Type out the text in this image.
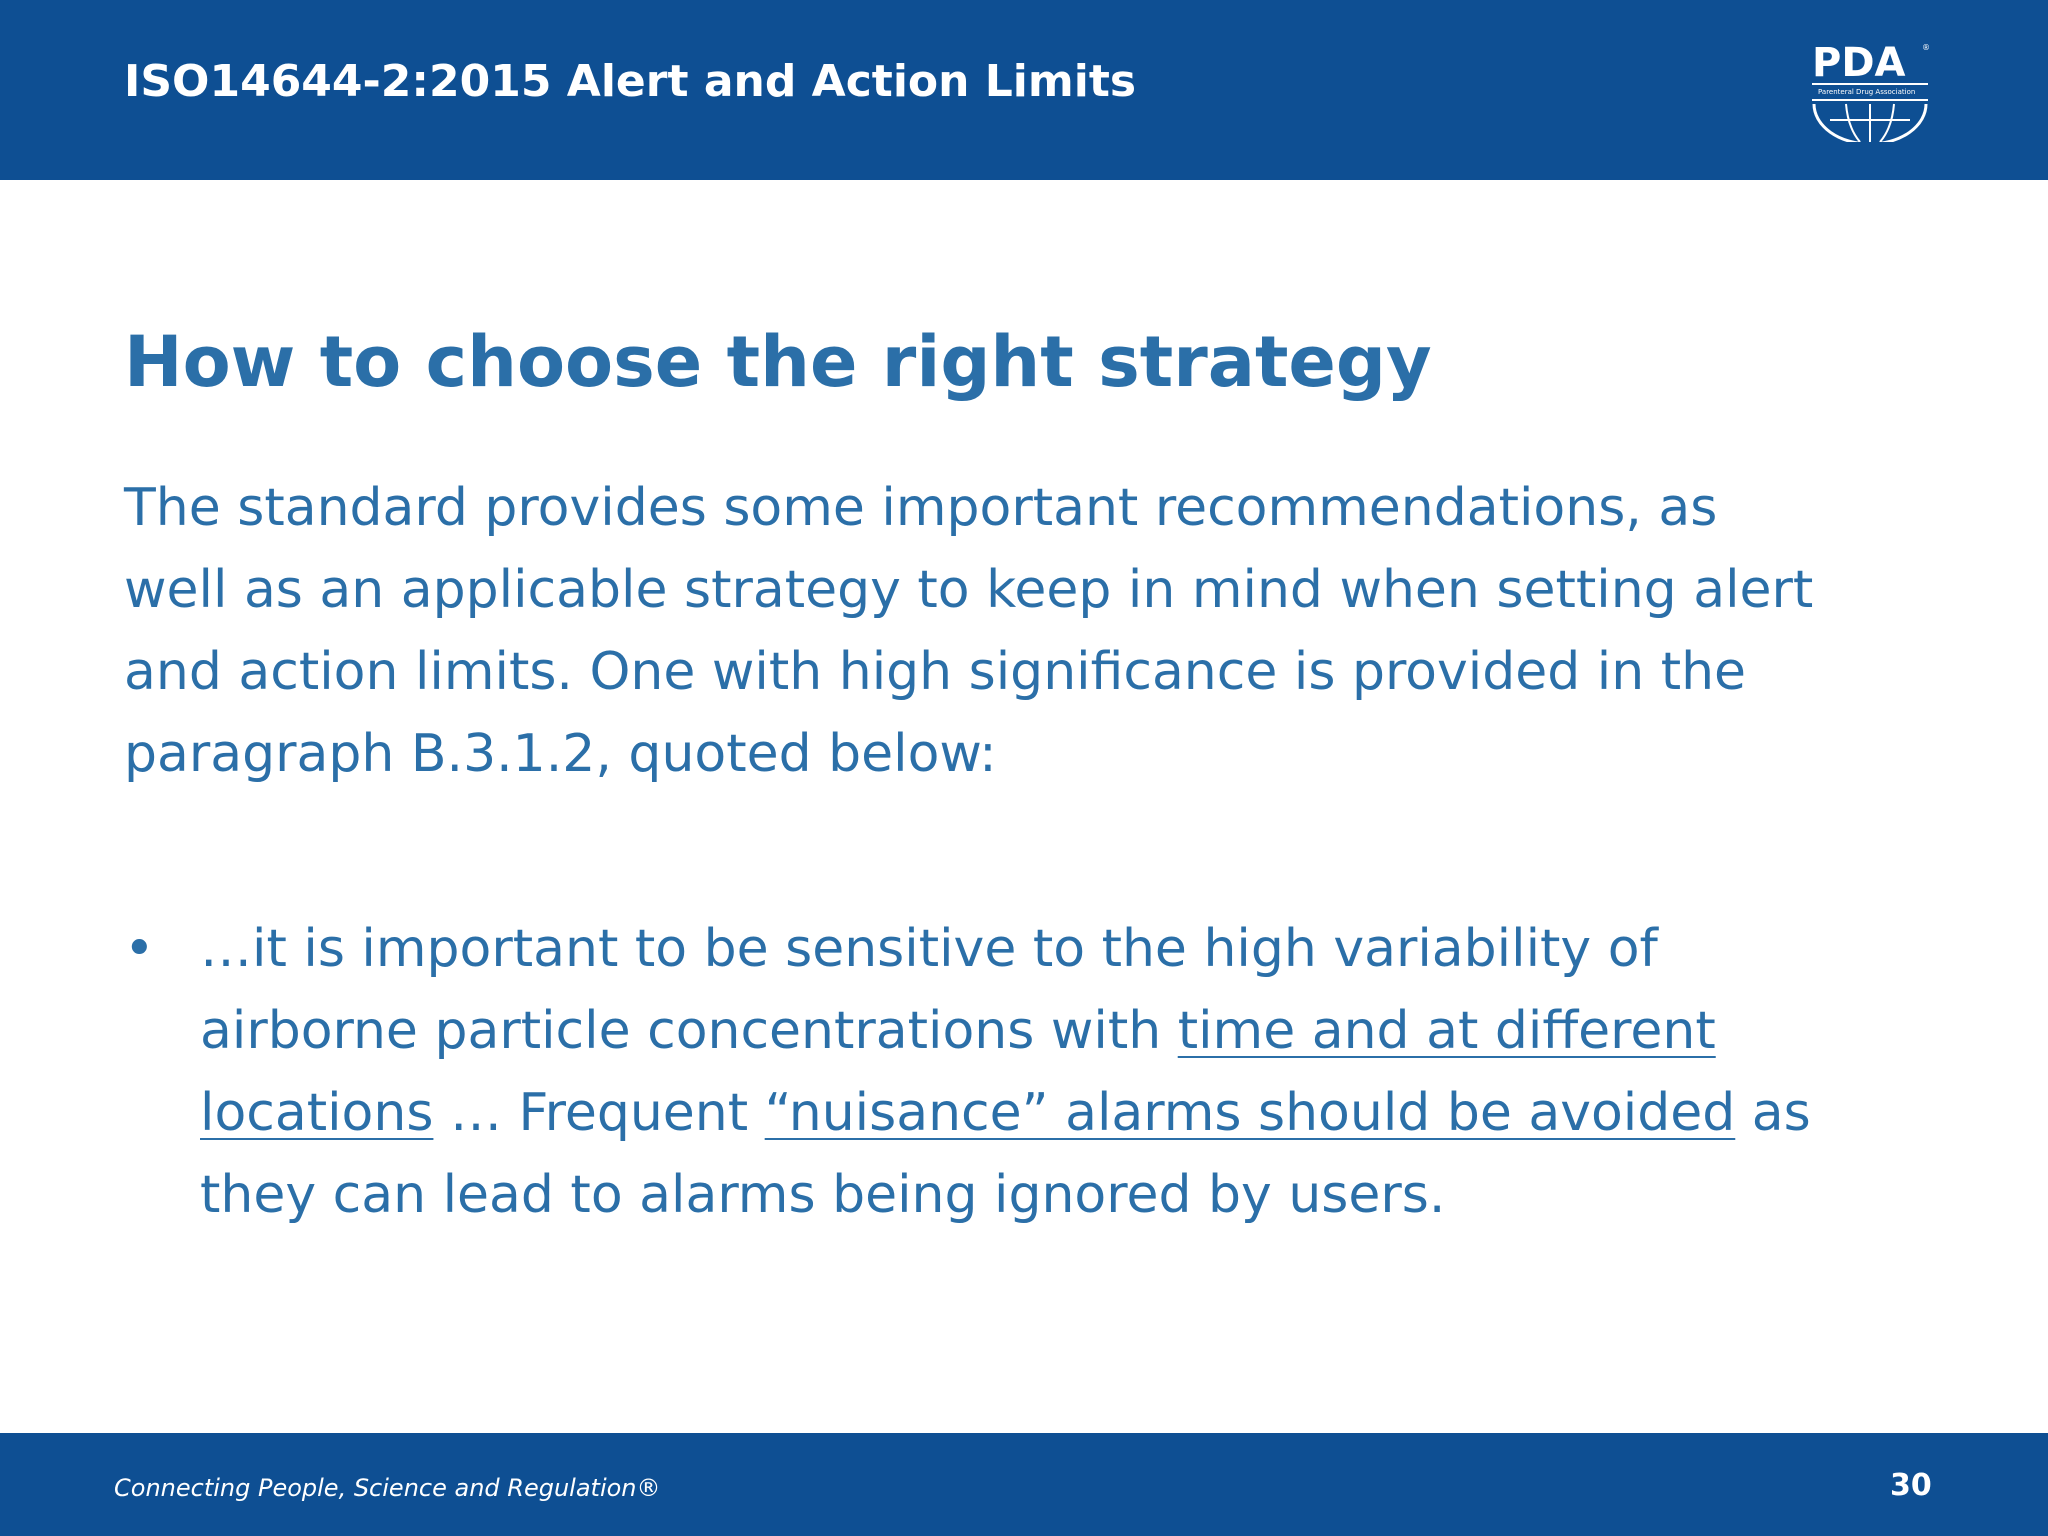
ISO14644-2:2015 Alert and Action Limits	PDA ®
Parenteral Drug Association
How to choose the right strategy
The standard provides some important recommendations, as
well as an applicable strategy to keep in mind when setting alert
and action limits. One with high significance is provided in the
paragraph B.3.1.2, quoted below:
• …it is important to be sensitive to the high variability of
airborne particle concentrations with time and at different
locations … Frequent “nuisance” alarms should be avoided as
they can lead to alarms being ignored by users.
Connecting People, Science and Regulation®	30
